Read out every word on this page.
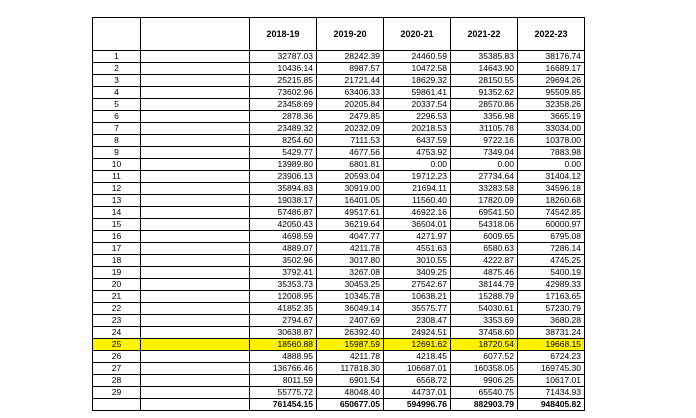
		2018-19	2019-20	2020-21	2021-22	2022-23
1		32787.03	28242.39	24460.59	35385.83	38176.74
2		10436.14	8987.57	10472.58	14643.90	16689.17
3		25215.85	21721.44	18629.32	28150.55	29694.26
4		73602.96	63406.33	59861.41	91352.62	95509.85
5		23458.69	20205.84	20337.54	28570.86	32358.26
6		2878.36	2479.85	2296.53	3356.98	3665.19
7		23489.32	20232.09	20218.53	31105.78	33034.00
8		8254.60	7111.53	6437.59	9722.16	10378.00
9		5429.77	4677.56	4753.92	7349.04	7883.98
10		13989.80	6801.81	0.00	0.00	0.00
11		23906.13	20593.04	19712.23	27734.64	31404.12
12		35894.83	30919.00	21694.11	33283.58	34596.18
13		19038.17	16401.05	11560.40	17820.09	18260.68
14		57486.87	49517.61	46922.16	69541.50	74542.85
15		42050.43	36219.64	36504.01	54318.06	60000.97
16		4698.59	4047.77	4271.97	6009.65	6795.08
17		4889.07	4211.78	4551.63	6580.63	7286.14
18		3502.96	3017.80	3010.55	4222.87	4745.25
19		3792.41	3267.08	3409.25	4875.46	5400.19
20		35353.73	30453.25	27542.67	38144.79	42989.33
21		12008.95	10345.78	10638.21	15288.79	17163.65
22		41852.35	36049.14	35575.77	54030.61	57230.79
23		2794.67	2407.69	2308.47	3353.69	3680.28
24		30638.87	26392.40	24924.51	37458.60	38731.24
25		18560.88	15987.59	12691.62	18720.54	19668.15
26		4888.95	4211.78	4218.45	6077.52	6724.23
27		136766.46	117818.30	106687.01	160358.05	169745.30
28		8011.59	6901.54	6568.72	9906.25	10617.01
29		55775.72	48048.40	44737.01	65540.75	71434.93
		761454.15	650677.05	594996.76	882903.79	948405.82
